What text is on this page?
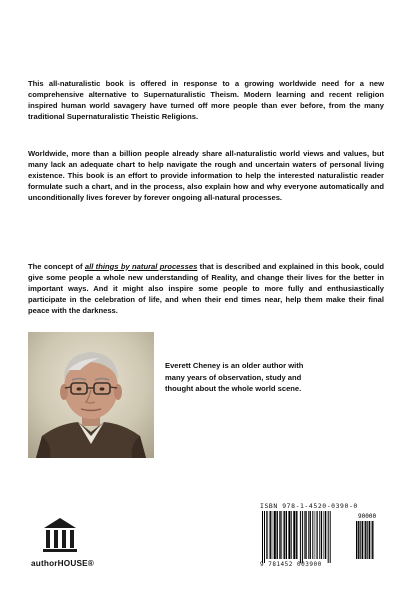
This all-naturalistic book is offered in response to a growing worldwide need for a new comprehensive alternative to Supernaturalistic Theism. Modern learning and recent religion inspired human world savagery have turned off more people than ever before, from the many traditional Supernaturalistic Theistic Religions.

Worldwide, more than a billion people already share all-naturalistic world views and values, but many lack an adequate chart to help navigate the rough and uncertain waters of personal living existence. This book is an effort to provide information to help the interested naturalistic reader formulate such a chart, and in the process, also explain how and why everyone automatically and unconditionally lives forever by forever ongoing all-natural processes.

The concept of all things by natural processes that is described and explained in this book, could give some people a whole new understanding of Reality, and change their lives for the better in important ways. And it might also inspire some people to more fully and enthusiastically participate in the celebration of life, and when their end times near, help them make their final peace with the darkness.

Everett Cheney is an older author with many years of observation, study and thought about the whole world scene.
ISBN 978-1-4520-0390-0
90000
9 781452 003900
authorHOUSE®
